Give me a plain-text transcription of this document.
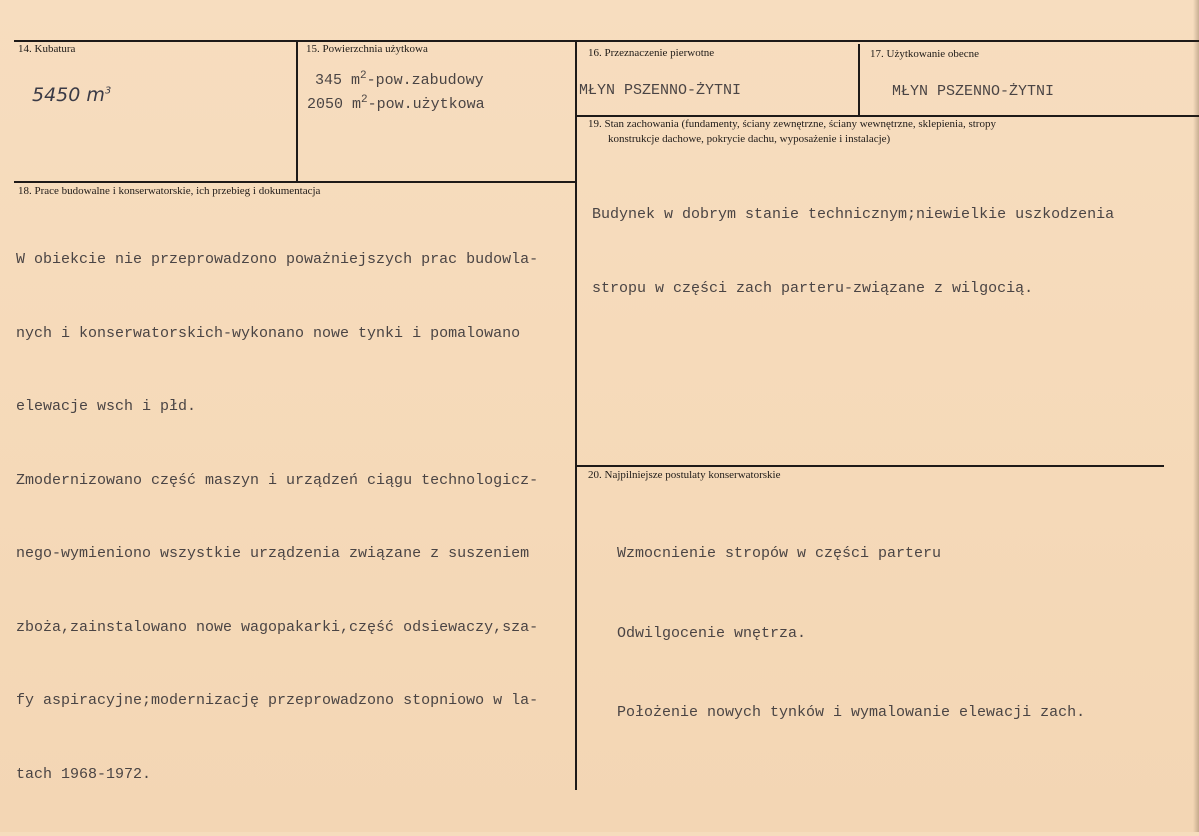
14. Kubatura
5450 $m^3$
15. Powierzchnia użytkowa
345 $m^2-pow.zabudowy$
2050 $m^2-pow.użytkowa$
16. Przeznaczenie pierwotne
MŁYN PSZENNO-ŻYTNI
17. Użytkowanie obecne
MŁYN PSZENNO-ŻYTNI
19. Stan zachowania (fundamenty, ściany zewnętrzne, ściany wewnętrzne, sklepienia, stropy
konstrukcje dachowe, pokrycie dachu, wyposażenie i instalacje)

Budynek w dobrym stanie technicznym;niewielkie uszkodzenia

stropu w części zach parteru-związane z wilgocią.

18. Prace budowalne i konserwatorskie, ich przebieg i dokumentacja

W obiekcie nie przeprowadzono poważniejszych prac budowla-

nych i konserwatorskich-wykonano nowe tynki i pomalowano

elewacje wsch i płd.

Zmodernizowano część maszyn i urządzeń ciągu technologicz-

nego-wymieniono wszystkie urządzenia związane z suszeniem

zboża,zainstalowano nowe wagopakarki,część odsiewaczy,sza-

fy aspiracyjne;modernizację przeprowadzono stopniowo w la-

tach 1968-1972.

20. Najpilniejsze postulaty konserwatorskie

Wzmocnienie stropów w części parteru

Odwilgocenie wnętrza.

Położenie nowych tynków i wymalowanie elewacji zach.
